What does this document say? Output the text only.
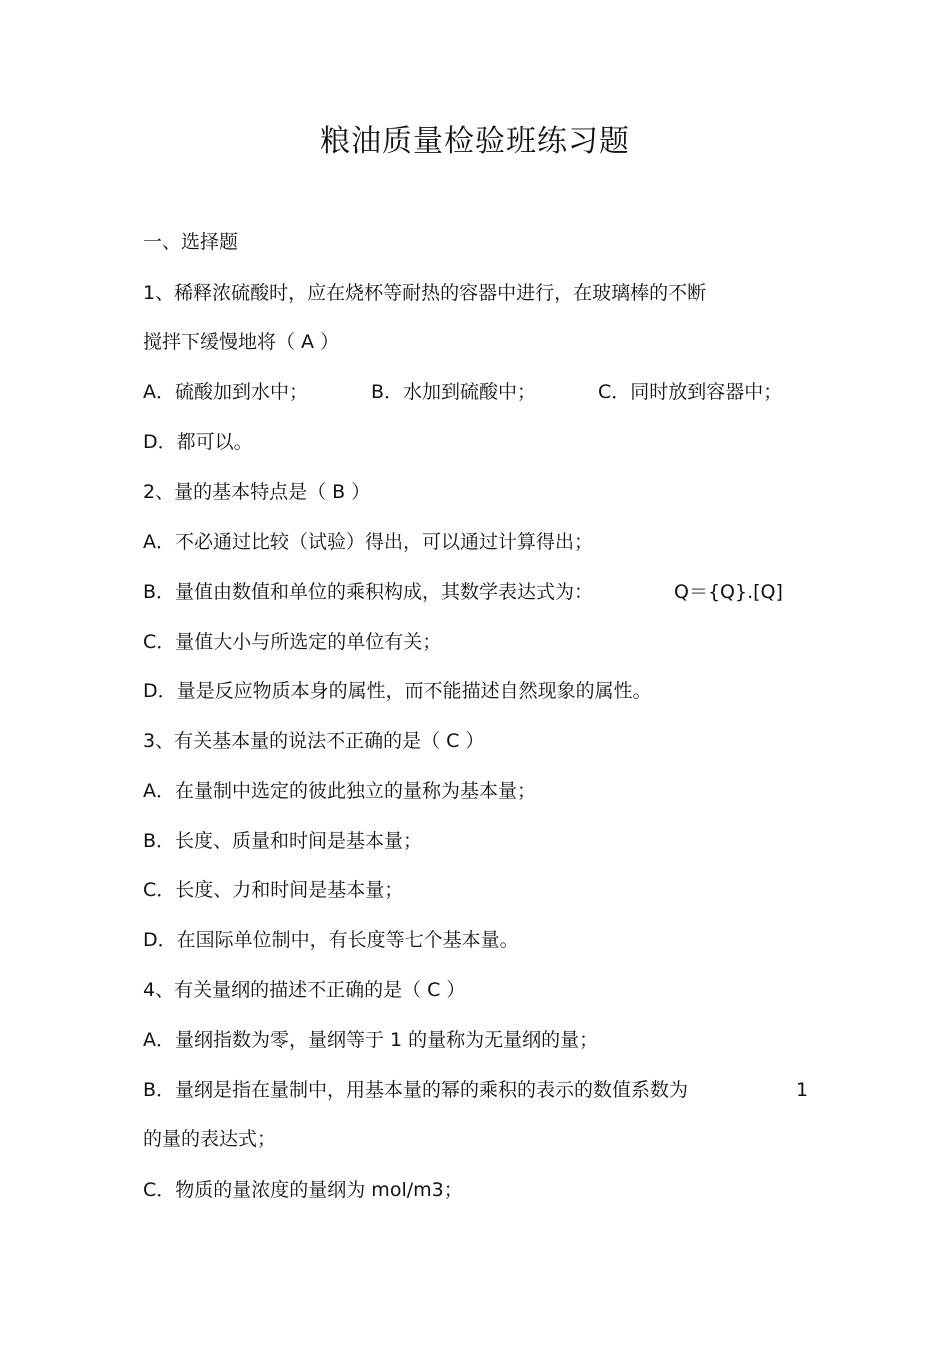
粮油质量检验班练习题
一、选择题
1、稀释浓硫酸时，应在烧杯等耐热的容器中进行，在玻璃棒的不断
搅拌下缓慢地将（ A ）
A．硫酸加到水中；	B．水加到硫酸中；	C．同时放到容器中；
D．都可以。
2、量的基本特点是（ B ）
A．不必通过比较（试验）得出，可以通过计算得出；
B．量值由数值和单位的乘积构成，其数学表达式为：	Q＝{Q}.[Q]
C．量值大小与所选定的单位有关；
D．量是反应物质本身的属性，而不能描述自然现象的属性。
3、有关基本量的说法不正确的是（ C ）
A．在量制中选定的彼此独立的量称为基本量；
B．长度、质量和时间是基本量；
C．长度、力和时间是基本量；
D．在国际单位制中，有长度等七个基本量。
4、有关量纲的描述不正确的是（ C ）
A．量纲指数为零，量纲等于 1 的量称为无量纲的量；
B．量纲是指在量制中，用基本量的幂的乘积的表示的数值系数为	1
的量的表达式；
C．物质的量浓度的量纲为 mol/m3；
